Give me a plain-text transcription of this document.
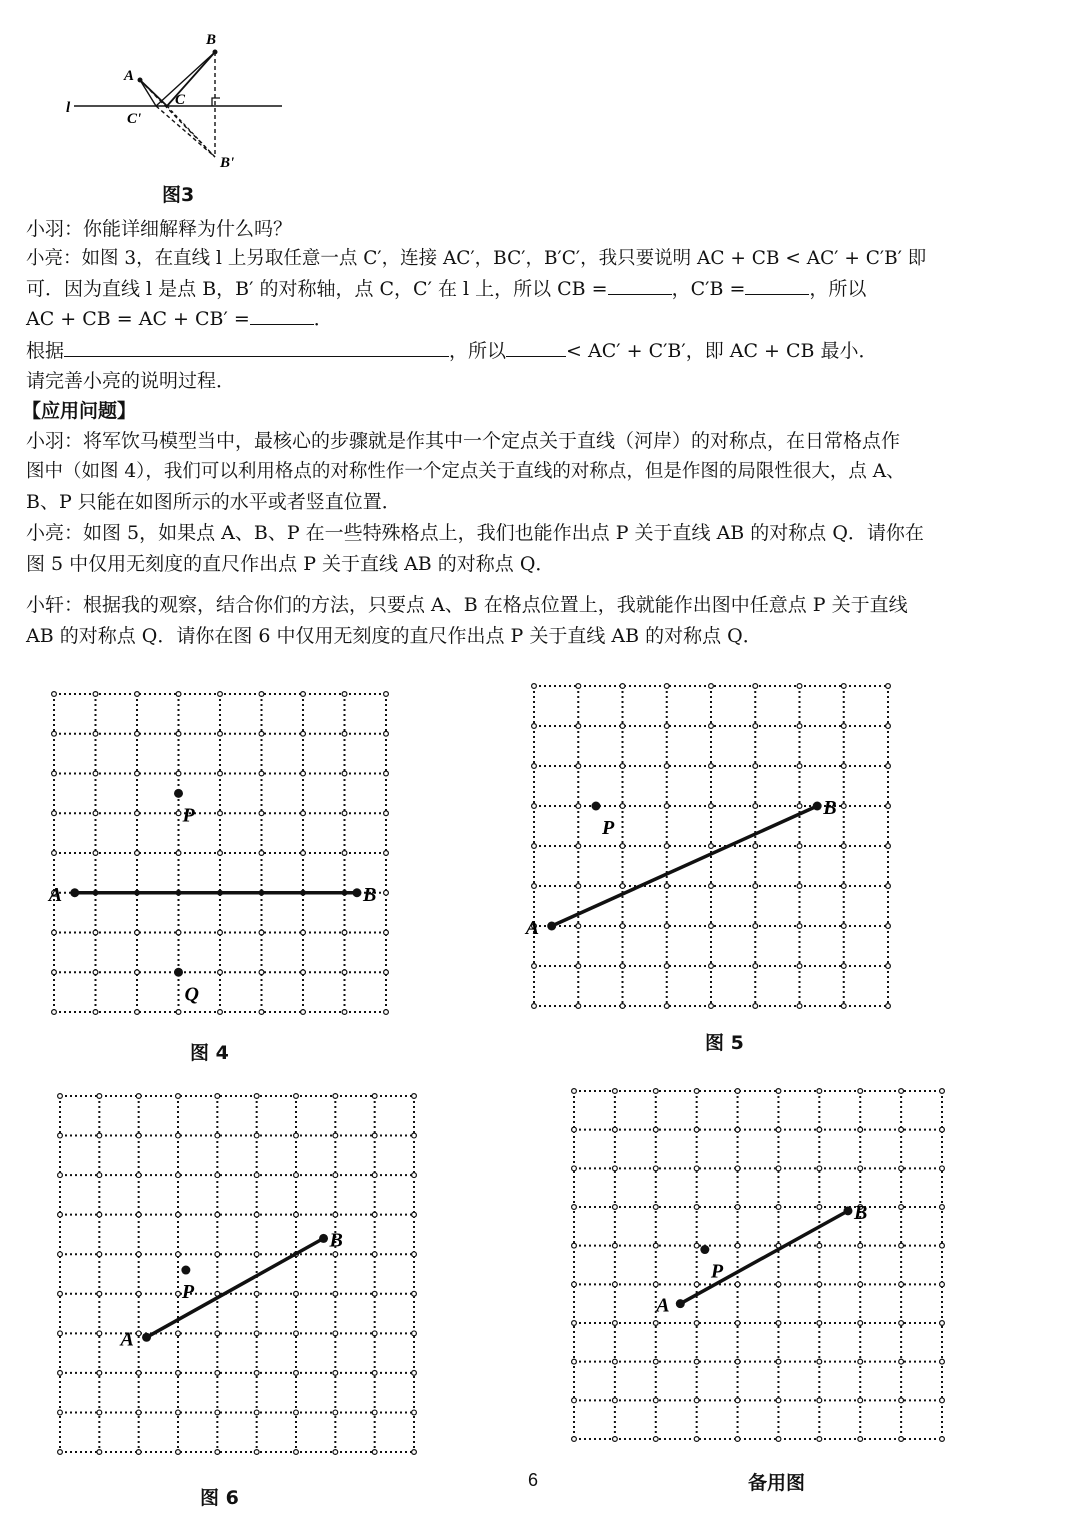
A
B
C
C'
B'
l
图3
小羽：你能详细解释为什么吗？
小亮：如图 3，在直线 l 上另取任意一点 C′，连接 AC′，BC′，B′C′，我只要说明 AC + CB < AC′ + C′B′ 即
可．因为直线 l 是点 B，B′ 的对称轴，点 C，C′ 在 l 上，所以 CB =	，C′B =	，所以
AC + CB = AC + CB′ =	．
根据	，所以	< AC′ + C′B′，即 AC + CB 最小．
请完善小亮的说明过程．
【应用问题】
小羽：将军饮马模型当中，最核心的步骤就是作其中一个定点关于直线（河岸）的对称点，在日常格点作
图中（如图 4），我们可以利用格点的对称性作一个定点关于直线的对称点，但是作图的局限性很大，点 A、
B、P 只能在如图所示的水平或者竖直位置．
小亮：如图 5，如果点 A、B、P 在一些特殊格点上，我们也能作出点 P 关于直线 AB 的对称点 Q．请你在
图 5 中仅用无刻度的直尺作出点 P 关于直线 AB 的对称点 Q．
小轩：根据我的观察，结合你们的方法，只要点 A、B 在格点位置上，我就能作出图中任意点 P 关于直线
AB 的对称点 Q．请你在图 6 中仅用无刻度的直尺作出点 P 关于直线 AB 的对称点 Q．
A	B
P
Q
图 4
A
B
P
图 5
A
B
P
图 6
A
B
P
备用图
6
